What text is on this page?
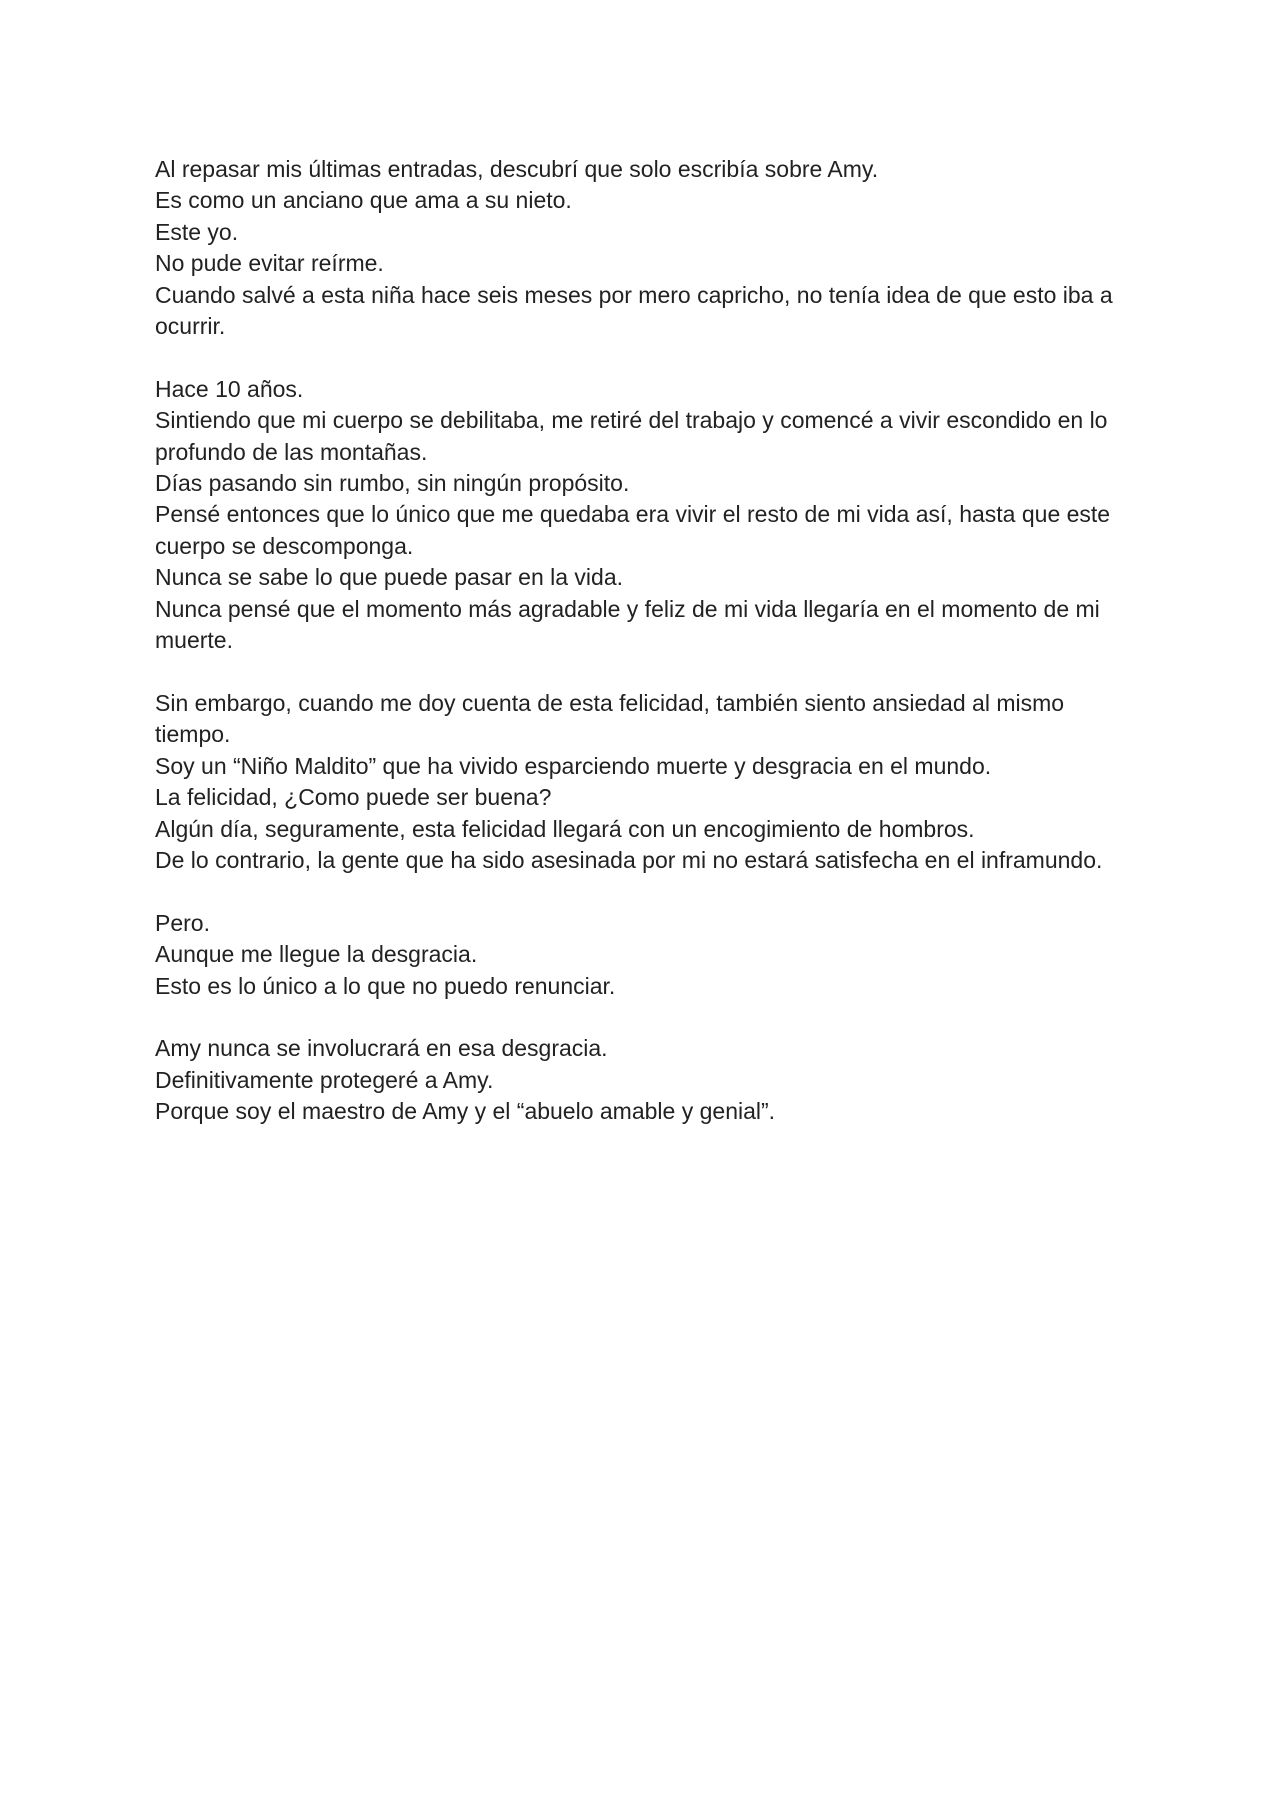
Al repasar mis últimas entradas, descubrí que solo escribía sobre Amy.
Es como un anciano que ama a su nieto.
Este yo.
No pude evitar reírme.
Cuando salvé a esta niña hace seis meses por mero capricho, no tenía idea de que esto iba a ocurrir.
Hace 10 años.
Sintiendo que mi cuerpo se debilitaba, me retiré del trabajo y comencé a vivir escondido en lo profundo de las montañas.
Días pasando sin rumbo, sin ningún propósito.
Pensé entonces que lo único que me quedaba era vivir el resto de mi vida así, hasta que este cuerpo se descomponga.
Nunca se sabe lo que puede pasar en la vida.
Nunca pensé que el momento más agradable y feliz de mi vida llegaría en el momento de mi muerte.
Sin embargo, cuando me doy cuenta de esta felicidad, también siento ansiedad al mismo tiempo.
Soy un “Niño Maldito” que ha vivido esparciendo muerte y desgracia en el mundo.
La felicidad, ¿Como puede ser buena?
Algún día, seguramente, esta felicidad llegará con un encogimiento de hombros.
De lo contrario, la gente que ha sido asesinada por mi no estará satisfecha en el inframundo.
Pero.
Aunque me llegue la desgracia.
Esto es lo único a lo que no puedo renunciar.
Amy nunca se involucrará en esa desgracia.
Definitivamente protegeré a Amy.
Porque soy el maestro de Amy y el “abuelo amable y genial”.
